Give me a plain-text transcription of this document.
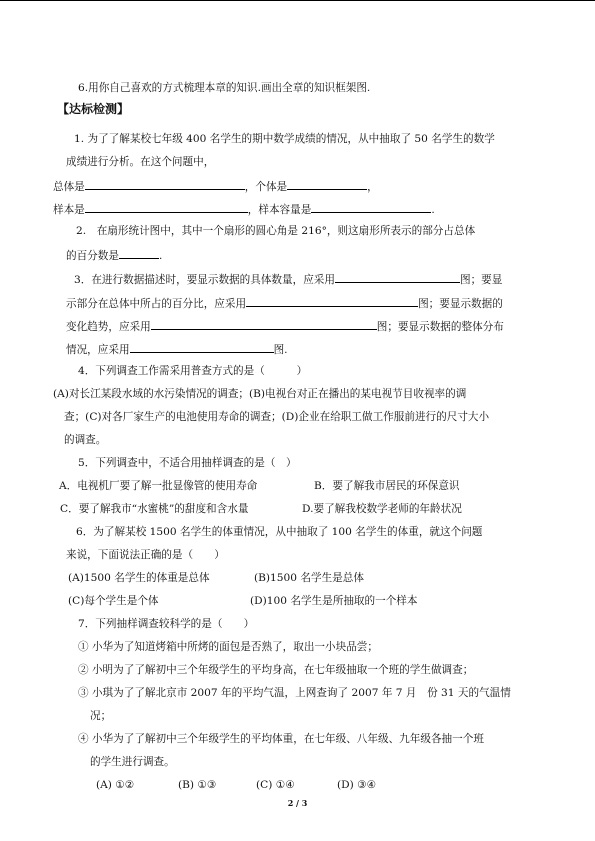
6.用你自己喜欢的方式梳理本章的知识.画出全章的知识框架图.
【达标检测】
1. 为了了解某校七年级 400 名学生的期中数学成绩的情况，从中抽取了 50 名学生的数学
成绩进行分析。在这个问题中，
总体是	，个体是	，
样本是	，样本容量是	.
2.　在扇形统计图中，其中一个扇形的圆心角是 216°，则这扇形所表示的部分占总体
的百分数是	.
3．在进行数据描述时，要显示数据的具体数量，应采用	图；要显
示部分在总体中所占的百分比，应采用	图；要显示数据的
变化趋势，应采用	图；要显示数据的整体分布
情况，应采用	图.
4．下列调查工作需采用普查方式的是（　　　）
(A)对长江某段水域的水污染情况的调查；(B)电视台对正在播出的某电视节目收视率的调
查；(C)对各厂家生产的电池使用寿命的调查；(D)企业在给职工做工作服前进行的尺寸大小
的调查。
5．下列调查中，不适合用抽样调查的是（　）
A．电视机厂要了解一批显像管的使用寿命	B．要了解我市居民的环保意识
C．要了解我市“水蜜桃”的甜度和含水量	D.要了解我校数学老师的年龄状况
6．为了解某校 1500 名学生的体重情况，从中抽取了 100 名学生的体重，就这个问题
来说，下面说法正确的是（　　）
(A)1500 名学生的体重是总体	(B)1500 名学生是总体
(C)每个学生是个体	(D)100 名学生是所抽取的一个样本
7．下列抽样调查较科学的是（　　）
① 小华为了知道烤箱中所烤的面包是否熟了，取出一小块品尝；
② 小明为了了解初中三个年级学生的平均身高，在七年级抽取一个班的学生做调查；
③ 小琪为了了解北京市 2007 年的平均气温，上网查询了 2007 年 7 月　份 31 天的气温情
况；
④ 小华为了了解初中三个年级学生的平均体重，在七年级、八年级、九年级各抽一个班
的学生进行调查。
(A) ①②	(B) ①③	(C) ①④	(D) ③④
2 / 3
